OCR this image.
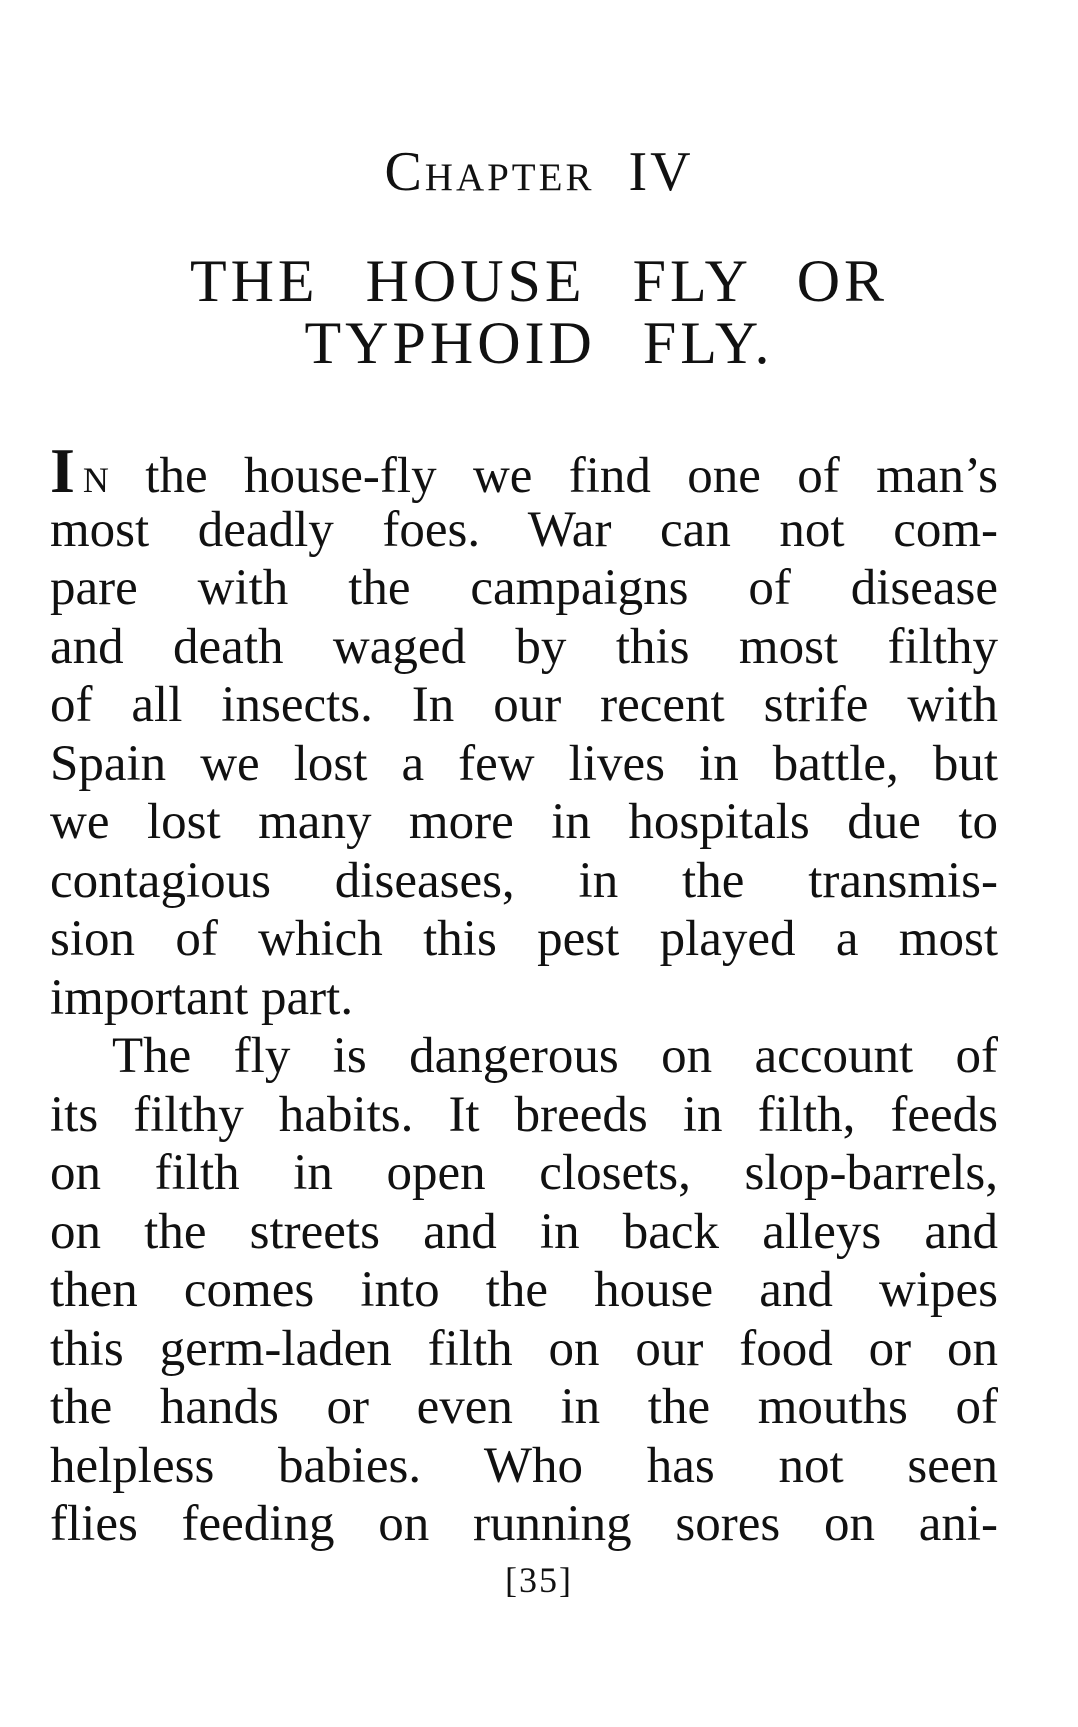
Chapter IV
THE HOUSE FLY OR
TYPHOID FLY.
I n the house-fly we find one of man’s
most deadly foes. War can not com-
pare with the campaigns of disease
and death waged by this most filthy
of all insects. In our recent strife with
Spain we lost a few lives in battle, but
we lost many more in hospitals due to
contagious diseases, in the transmis-
sion of which this pest played a most
important part.
The fly is dangerous on account of
its filthy habits. It breeds in filth, feeds
on filth in open closets, slop-barrels,
on the streets and in back alleys and
then comes into the house and wipes
this germ-laden filth on our food or on
the hands or even in the mouths of
helpless babies. Who has not seen
flies feeding on running sores on ani-
[35]
